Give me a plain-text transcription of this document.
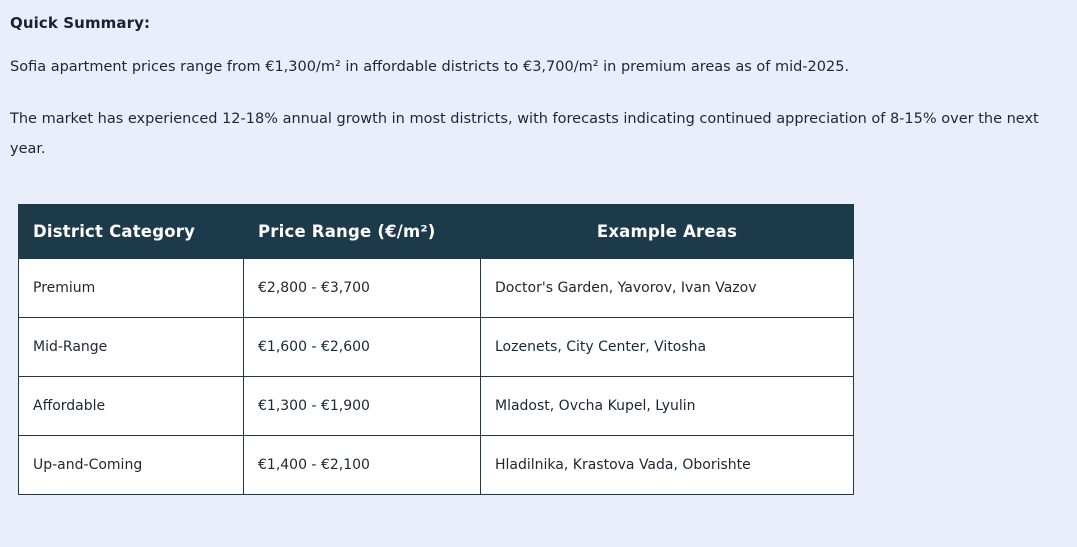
Quick Summary:

Sofia apartment prices range from €1,300/m² in affordable districts to €3,700/m² in premium areas as of mid-2025.

The market has experienced 12-18% annual growth in most districts, with forecasts indicating continued appreciation of 8-15% over the next year.

District Category	Price Range (€/m²)	Example Areas
Premium	€2,800 - €3,700	Doctor's Garden, Yavorov, Ivan Vazov
Mid-Range	€1,600 - €2,600	Lozenets, City Center, Vitosha
Affordable	€1,300 - €1,900	Mladost, Ovcha Kupel, Lyulin
Up-and-Coming	€1,400 - €2,100	Hladilnika, Krastova Vada, Oborishte
